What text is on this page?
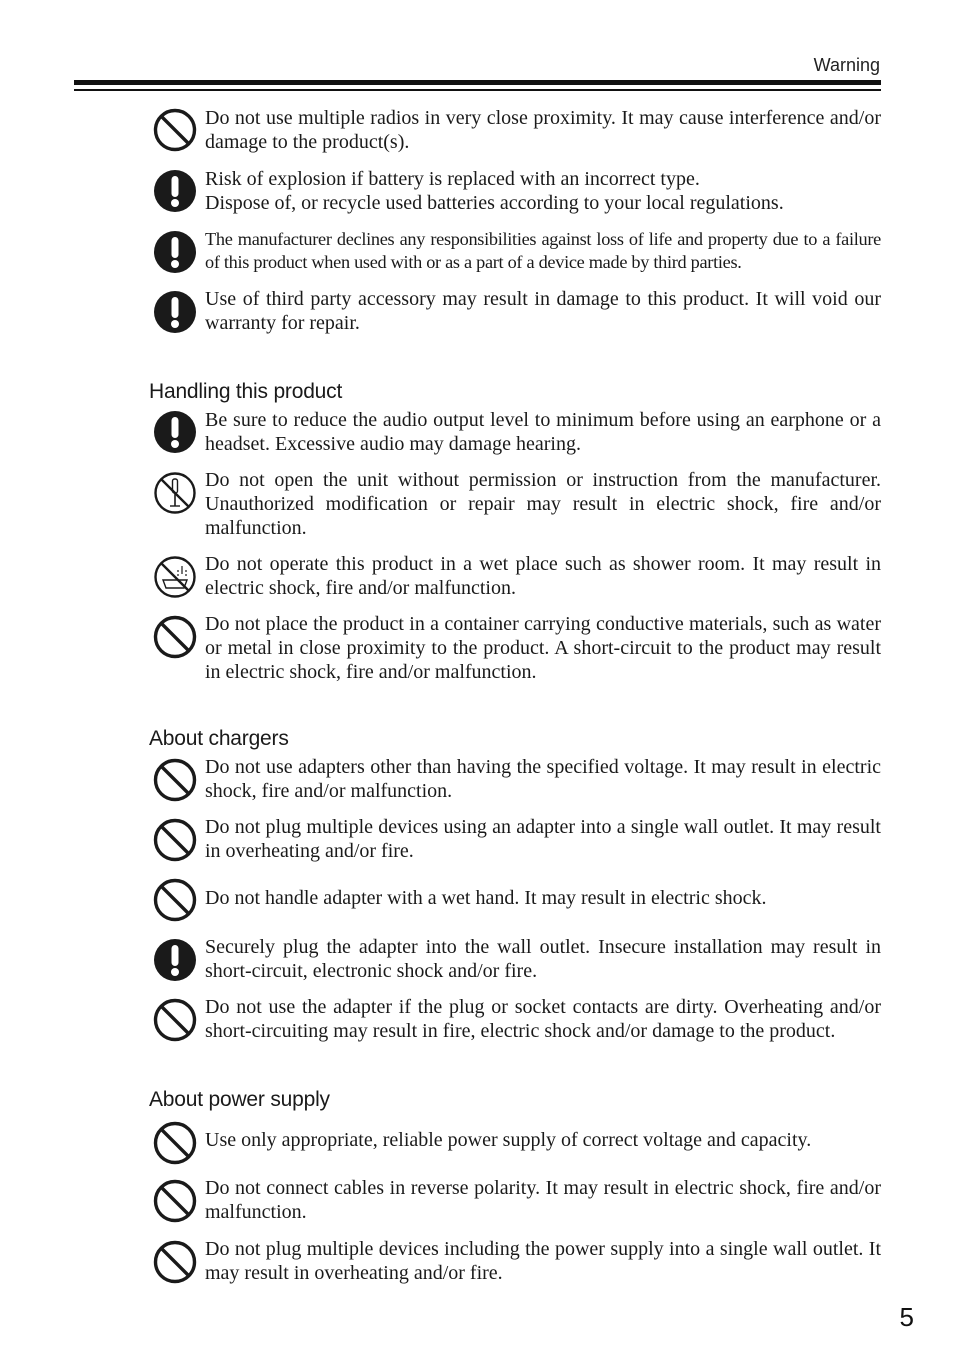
Warning
Do not use multiple radios in very close proximity. It may cause interference and/or damage to the product(s).
Risk of explosion if battery is replaced with an incorrect type.
Dispose of, or recycle used batteries according to your local regulations.
The manufacturer declines any responsibilities against loss of life and property due to a failure of this product when used with or as a part of a device made by third parties.
Use of third party accessory may result in damage to this product. It will void our warranty for repair.
Handling this product
Be sure to reduce the audio output level to minimum before using an earphone or a headset. Excessive audio may damage hearing.
Do not open the unit without permission or instruction from the manufacturer. Unauthorized modification or repair may result in electric shock, fire and/or malfunction.
Do not operate this product in a wet place such as shower room. It may result in electric shock, fire and/or malfunction.
Do not place the product in a container carrying conductive materials, such as water or metal in close proximity to the product. A short-circuit to the product may result in electric shock, fire and/or malfunction.
About chargers
Do not use adapters other than having the specified voltage. It may result in electric shock, fire and/or malfunction.
Do not plug multiple devices using an adapter into a single wall outlet. It may result in overheating and/or fire.
Do not handle adapter with a wet hand. It may result in electric shock.
Securely plug the adapter into the wall outlet. Insecure installation may result in short-circuit, electronic shock and/or fire.
Do not use the adapter if the plug or socket contacts are dirty. Overheating and/or short-circuiting may result in fire, electric shock and/or damage to the product.
About power supply
Use only appropriate, reliable power supply of correct voltage and capacity.
Do not connect cables in reverse polarity. It may result in electric shock, fire and/or malfunction.
Do not plug multiple devices including the power supply into a single wall outlet. It may result in overheating and/or fire.
5
